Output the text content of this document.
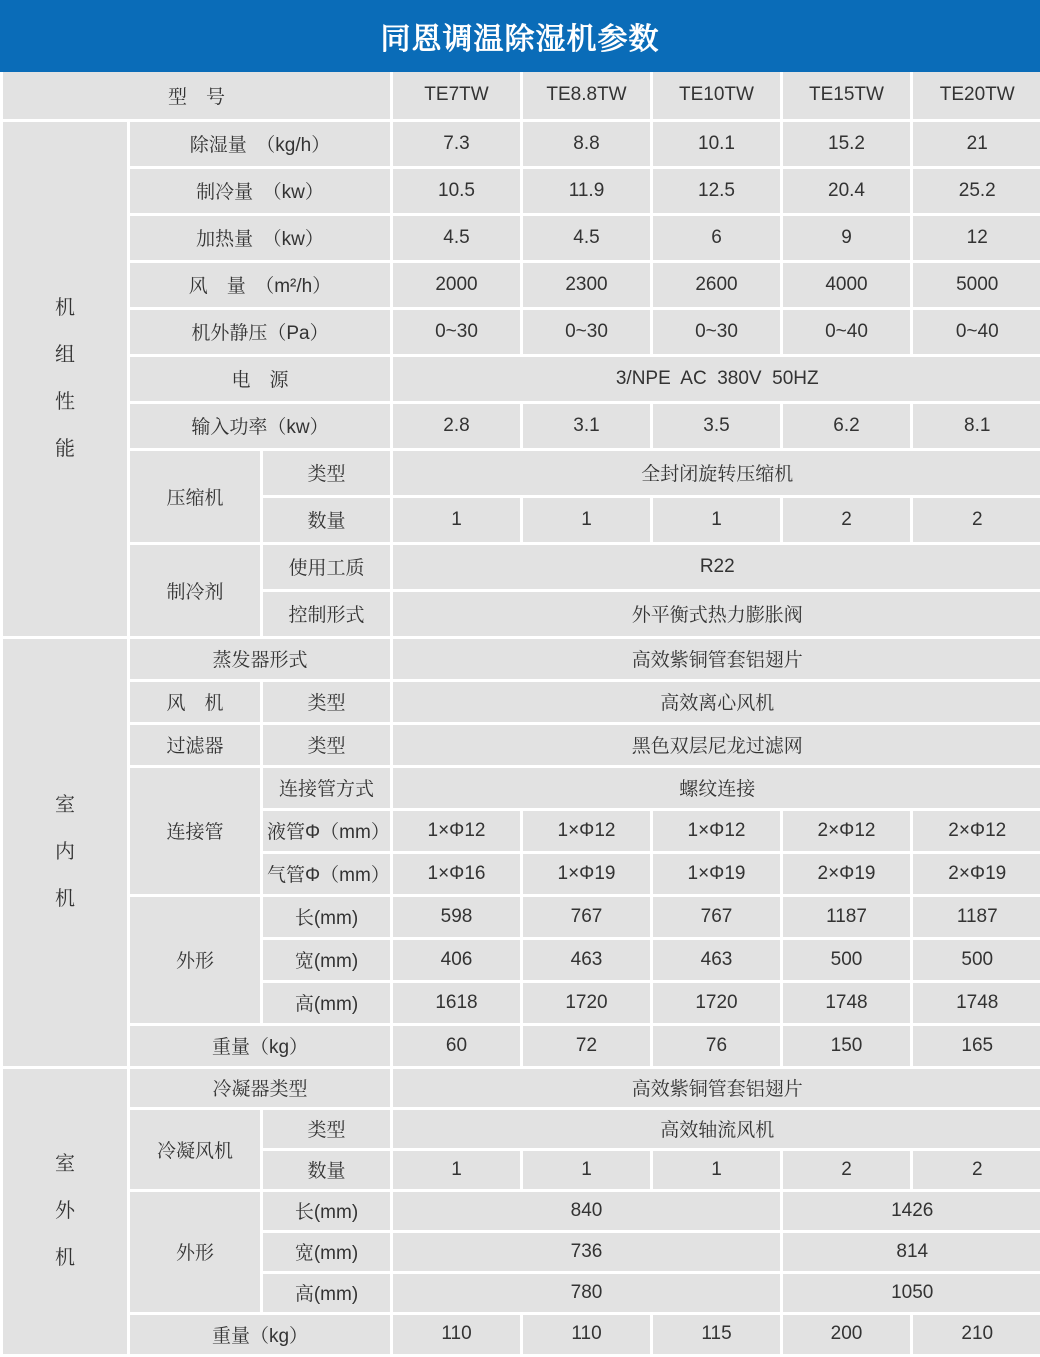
同恩调温除湿机参数
型　号			TE7TW	TE8.8TW	TE10TW	TE15TW	TE20TW
机组性能	除湿量　（kg/h）		7.3	8.8	10.1	15.2	21
	制冷量　（kw）		10.5	11.9	12.5	20.4	25.2
	加热量　（kw）		4.5	4.5	6	9	12
	风　量　（m²/h）		2000	2300	2600	4000	5000
	机外静压（Pa）		0~30	0~30	0~30	0~40	0~40
	电　源		3/NPE  AC  380V  50HZ				
	输入功率（kw）		2.8	3.1	3.5	6.2	8.1
	压缩机	类型	全封闭旋转压缩机				
		数量	1	1	1	2	2
	制冷剂	使用工质	R22				
		控制形式	外平衡式热力膨胀阀				
室内机	蒸发器形式		高效紫铜管套铝翅片				
	风　机	类型	高效离心风机				
	过滤器	类型	黑色双层尼龙过滤网				
	连接管	连接管方式	螺纹连接				
		液管Φ（mm）	1×Φ12	1×Φ12	1×Φ12	2×Φ12	2×Φ12
		气管Φ（mm）	1×Φ16	1×Φ19	1×Φ19	2×Φ19	2×Φ19
	外形	长(mm)	598	767	767	1187	1187
		宽(mm)	406	463	463	500	500
		高(mm)	1618	1720	1720	1748	1748
	重量（kg）		60	72	76	150	165
室外机	冷凝器类型		高效紫铜管套铝翅片				
	冷凝风机	类型	高效轴流风机				
		数量	1	1	1	2	2
	外形	长(mm)	840			1426	
		宽(mm)	736			814	
		高(mm)	780			1050	
	重量（kg）		110	110	115	200	210
